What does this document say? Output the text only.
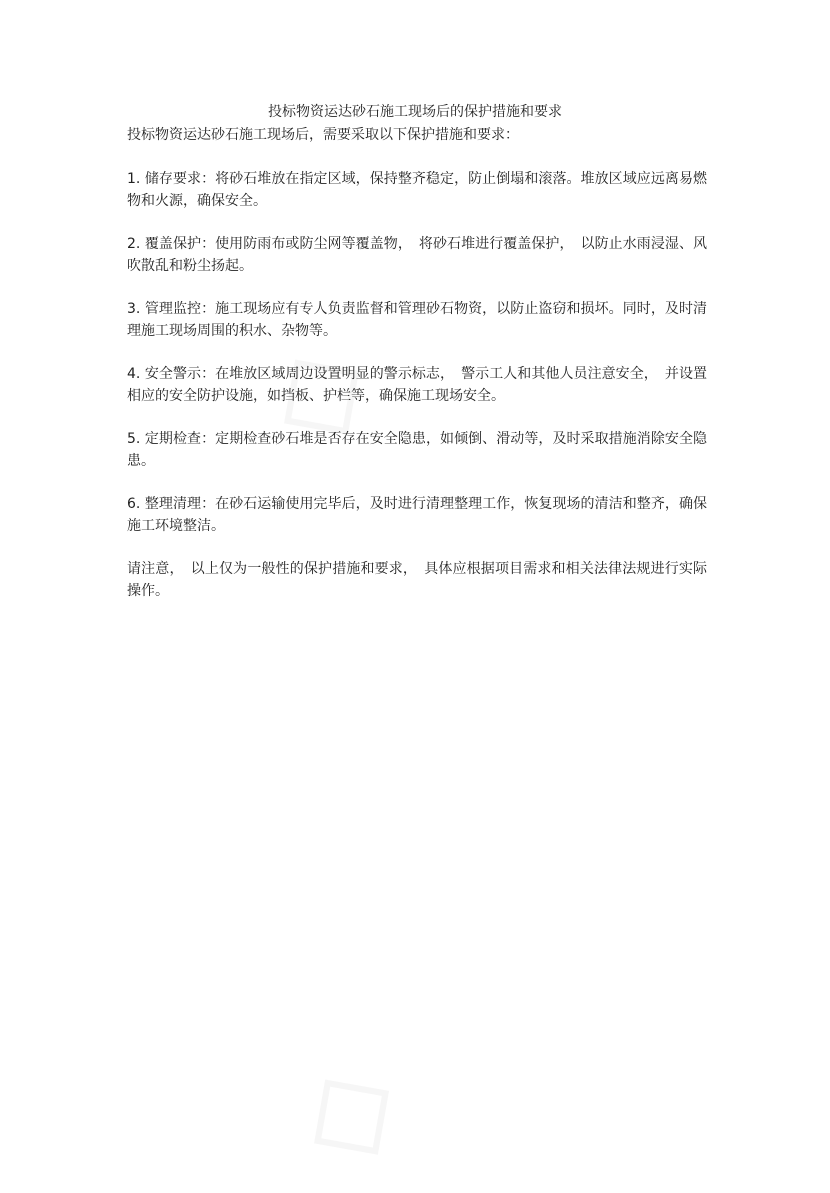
投标物资运达砂石施工现场后的保护措施和要求

投标物资运达砂石施工现场后，需要采取以下保护措施和要求：

1. 储存要求：将砂石堆放在指定区域，保持整齐稳定，防止倒塌和滚落。堆放区域应远离易燃物和火源，确保安全。

2. 覆盖保护：使用防雨布或防尘网等覆盖物，　将砂石堆进行覆盖保护，　以防止水雨浸湿、风吹散乱和粉尘扬起。

3. 管理监控：施工现场应有专人负责监督和管理砂石物资，以防止盗窃和损坏。同时，及时清理施工现场周围的积水、杂物等。

4. 安全警示：在堆放区域周边设置明显的警示标志，　警示工人和其他人员注意安全，　并设置相应的安全防护设施，如挡板、护栏等，确保施工现场安全。

5. 定期检查：定期检查砂石堆是否存在安全隐患，如倾倒、滑动等，及时采取措施消除安全隐患。

6. 整理清理：在砂石运输使用完毕后，及时进行清理整理工作，恢复现场的清洁和整齐，确保施工环境整洁。

请注意，　以上仅为一般性的保护措施和要求，　具体应根据项目需求和相关法律法规进行实际操作。
